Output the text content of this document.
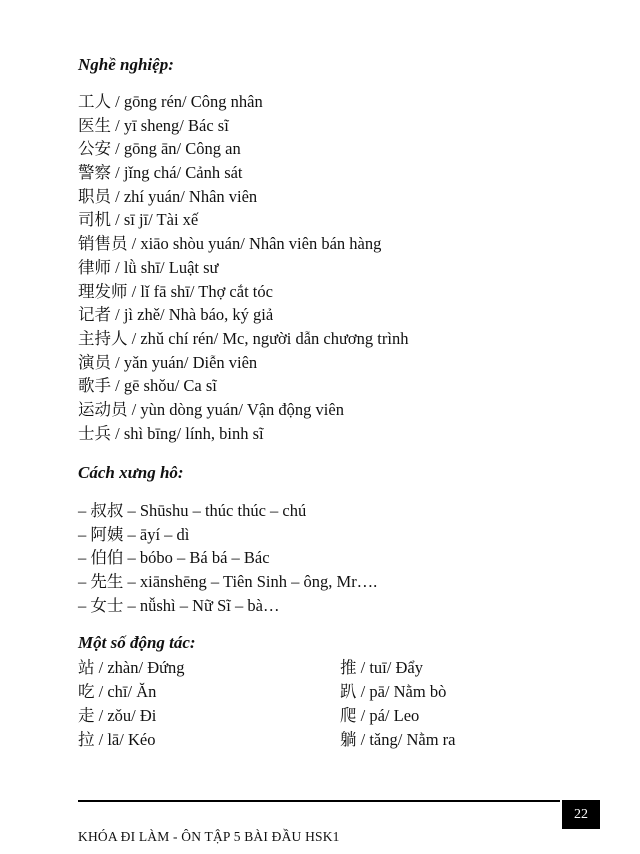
Nghề nghiệp:
工人 / gōng rén/ Công nhân
医生 / yī sheng/ Bác sĩ
公安 / gōng ān/ Công an
警察 / jǐng chá/ Cảnh sát
职员 / zhí yuán/ Nhân viên
司机 / sī jī/ Tài xế
销售员 / xiāo shòu yuán/ Nhân viên bán hàng
律师 / lǜ shī/ Luật sư
理发师 / lǐ fā shī/ Thợ cắt tóc
记者 / jì zhě/ Nhà báo, ký giả
主持人 / zhǔ chí rén/ Mc, người dẫn chương trình
演员 / yǎn yuán/ Diễn viên
歌手 / gē shǒu/ Ca sĩ
运动员 / yùn dòng yuán/ Vận động viên
士兵 / shì bīng/ lính, binh sĩ
Cách xưng hô:
– 叔叔 – Shūshu – thúc thúc – chú
– 阿姨 – āyí – dì
– 伯伯 – bóbo – Bá bá – Bác
– 先生 – xiānshēng – Tiên Sinh – ông, Mr….
– 女士 – nǚshì – Nữ Sĩ – bà…
Một số động tác:
站 / zhàn/ Đứng
吃 / chī/ Ăn
走 / zǒu/ Đi
拉 / lā/ Kéo
推 / tuī/ Đẩy
趴 / pā/ Nằm bò
爬 / pá/ Leo
躺 / tǎng/ Nằm ra
22
KHÓA ĐI LÀM - ÔN TẬP 5 BÀI ĐẦU HSK1
